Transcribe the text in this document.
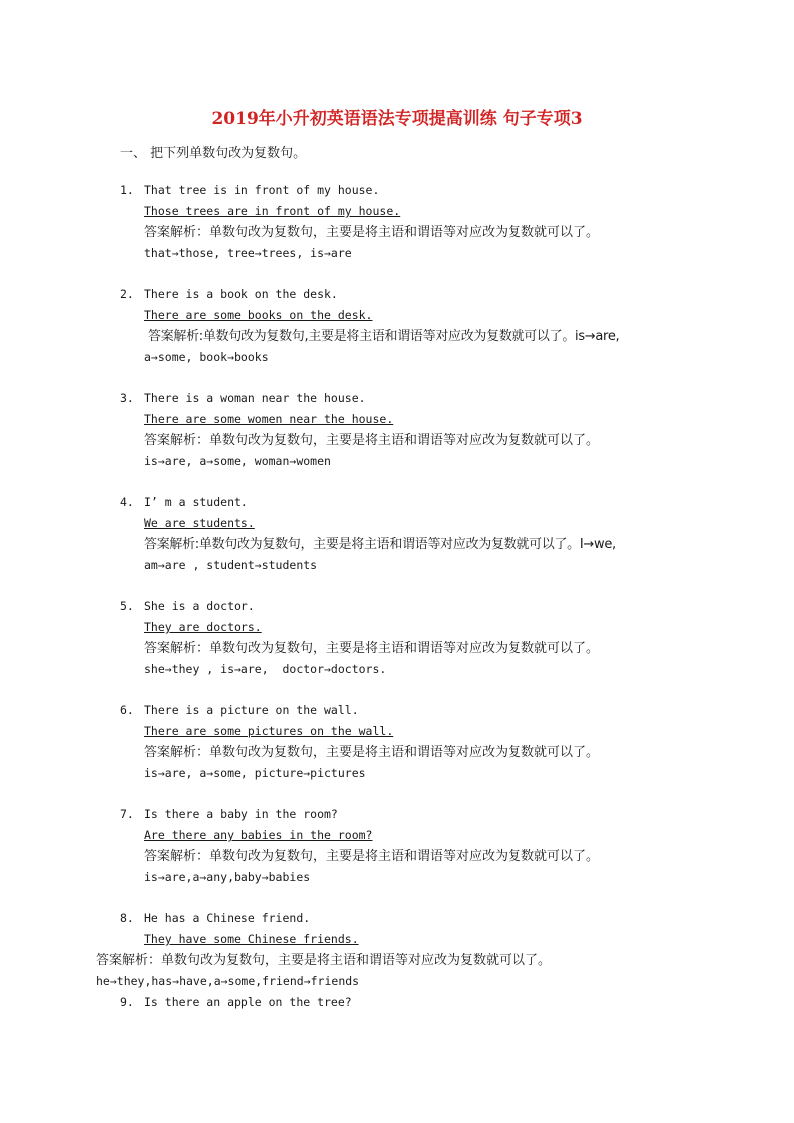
2019年小升初英语语法专项提高训练 句子专项3
一、 把下列单数句改为复数句。
1. That tree is in front of my house.
Those trees are in front of my house.
答案解析：单数句改为复数句，主要是将主语和谓语等对应改为复数就可以了。
that→those, tree→trees, is→are
2. There is a book on the desk.
There are some books on the desk.
答案解析:单数句改为复数句,主要是将主语和谓语等对应改为复数就可以了。is→are,
a→some, book→books
3. There is a woman near the house.
There are some women near the house.
答案解析：单数句改为复数句，主要是将主语和谓语等对应改为复数就可以了。
is→are, a→some, woman→women
4. I’ m a student.
We are students.
答案解析:单数句改为复数句，主要是将主语和谓语等对应改为复数就可以了。I→we,
am→are , student→students
5. She is a doctor.
They are doctors.
答案解析：单数句改为复数句，主要是将主语和谓语等对应改为复数就可以了。
she→they , is→are,  doctor→doctors.
6. There is a picture on the wall.
There are some pictures on the wall.
答案解析：单数句改为复数句，主要是将主语和谓语等对应改为复数就可以了。
is→are, a→some, picture→pictures
7. Is there a baby in the room?
Are there any babies in the room?
答案解析：单数句改为复数句，主要是将主语和谓语等对应改为复数就可以了。
is→are,a→any,baby→babies
8. He has a Chinese friend.
They have some Chinese friends.
答案解析：单数句改为复数句，主要是将主语和谓语等对应改为复数就可以了。
he→they,has→have,a→some,friend→friends
9. Is there an apple on the tree?
